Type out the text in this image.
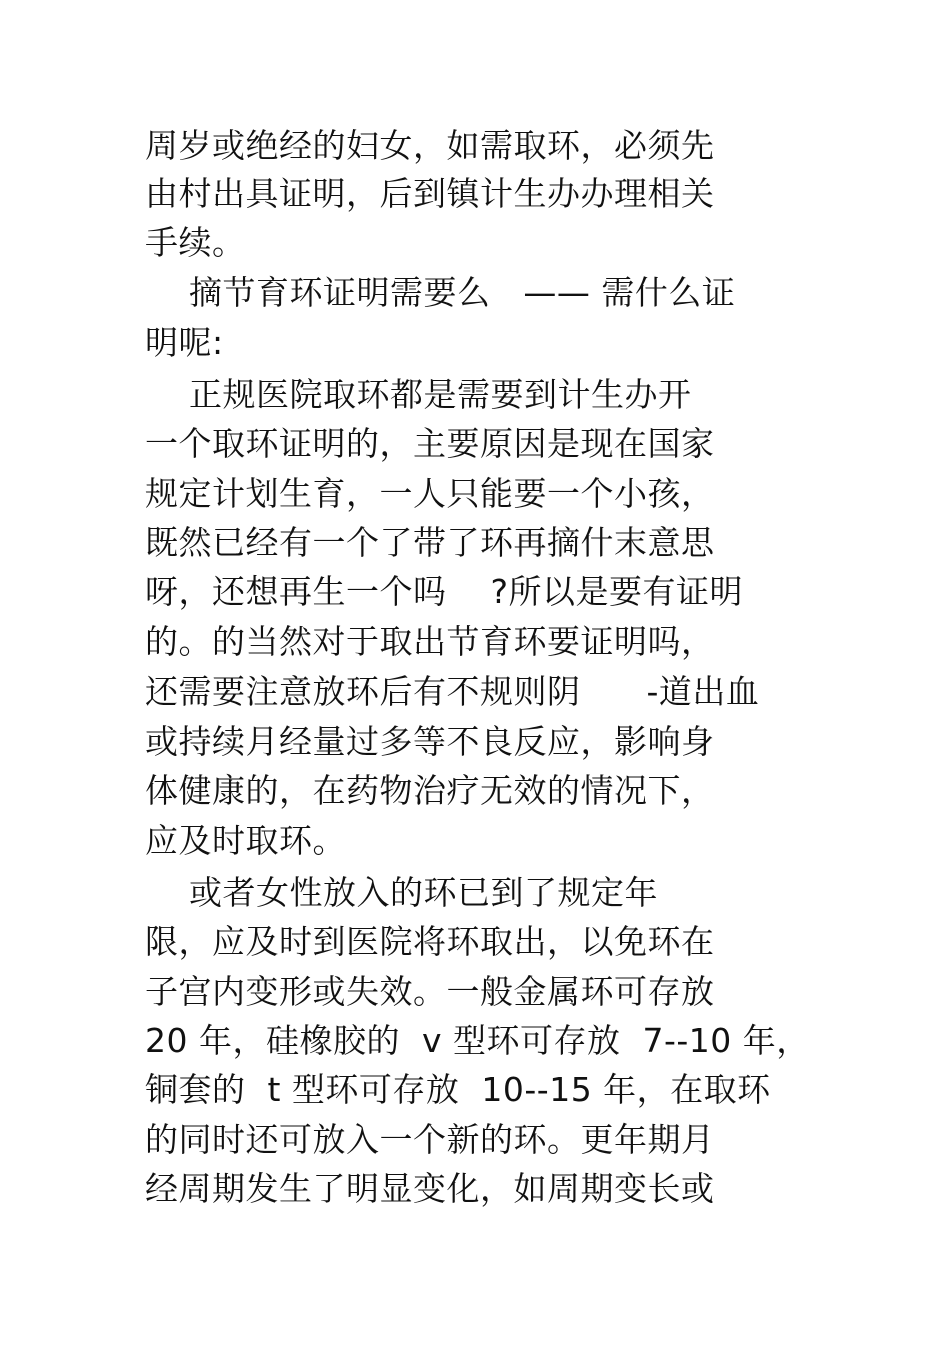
周岁或绝经的妇女，如需取环，必须先
由村出具证明，后到镇计生办办理相关
手续。
摘节育环证明需要么   —— 需什么证
明呢:
正规医院取环都是需要到计生办开
一个取环证明的，主要原因是现在国家
规定计划生育，一人只能要一个小孩，
既然已经有一个了带了环再摘什末意思
呀，还想再生一个吗    ?所以是要有证明
的。的当然对于取出节育环要证明吗，
还需要注意放环后有不规则阴      -道出血
或持续月经量过多等不良反应，影响身
体健康的，在药物治疗无效的情况下，
应及时取环。
或者女性放入的环已到了规定年
限，应及时到医院将环取出，以免环在
子宫内变形或失效。一般金属环可存放
20 年，硅橡胶的  v 型环可存放  7--10 年，
铜套的  t 型环可存放  10--15 年，在取环
的同时还可放入一个新的环。更年期月
经周期发生了明显变化，如周期变长或
